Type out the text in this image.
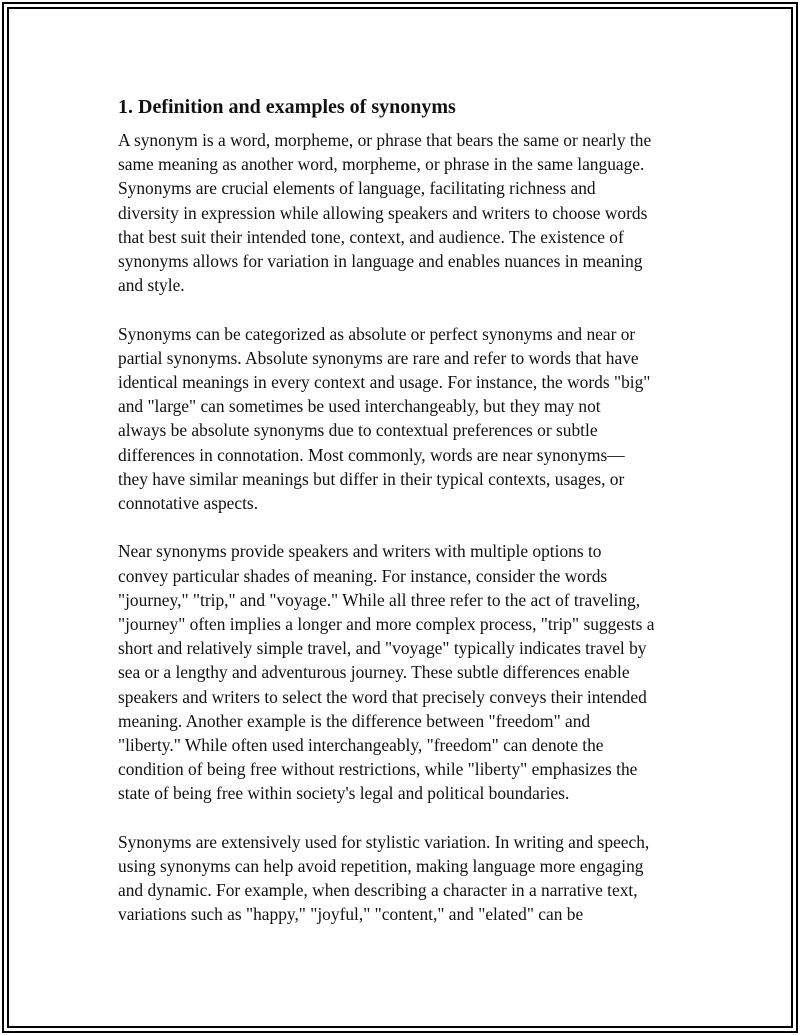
1. Definition and examples of synonyms

A synonym is a word, morpheme, or phrase that bears the same or nearly the
same meaning as another word, morpheme, or phrase in the same language.
Synonyms are crucial elements of language, facilitating richness and
diversity in expression while allowing speakers and writers to choose words
that best suit their intended tone, context, and audience. The existence of
synonyms allows for variation in language and enables nuances in meaning
and style.

Synonyms can be categorized as absolute or perfect synonyms and near or
partial synonyms. Absolute synonyms are rare and refer to words that have
identical meanings in every context and usage. For instance, the words "big"
and "large" can sometimes be used interchangeably, but they may not
always be absolute synonyms due to contextual preferences or subtle
differences in connotation. Most commonly, words are near synonyms—
they have similar meanings but differ in their typical contexts, usages, or
connotative aspects.

Near synonyms provide speakers and writers with multiple options to
convey particular shades of meaning. For instance, consider the words
"journey," "trip," and "voyage." While all three refer to the act of traveling,
"journey" often implies a longer and more complex process, "trip" suggests a
short and relatively simple travel, and "voyage" typically indicates travel by
sea or a lengthy and adventurous journey. These subtle differences enable
speakers and writers to select the word that precisely conveys their intended
meaning. Another example is the difference between "freedom" and
"liberty." While often used interchangeably, "freedom" can denote the
condition of being free without restrictions, while "liberty" emphasizes the
state of being free within society's legal and political boundaries.

Synonyms are extensively used for stylistic variation. In writing and speech,
using synonyms can help avoid repetition, making language more engaging
and dynamic. For example, when describing a character in a narrative text,
variations such as "happy," "joyful," "content," and "elated" can be
